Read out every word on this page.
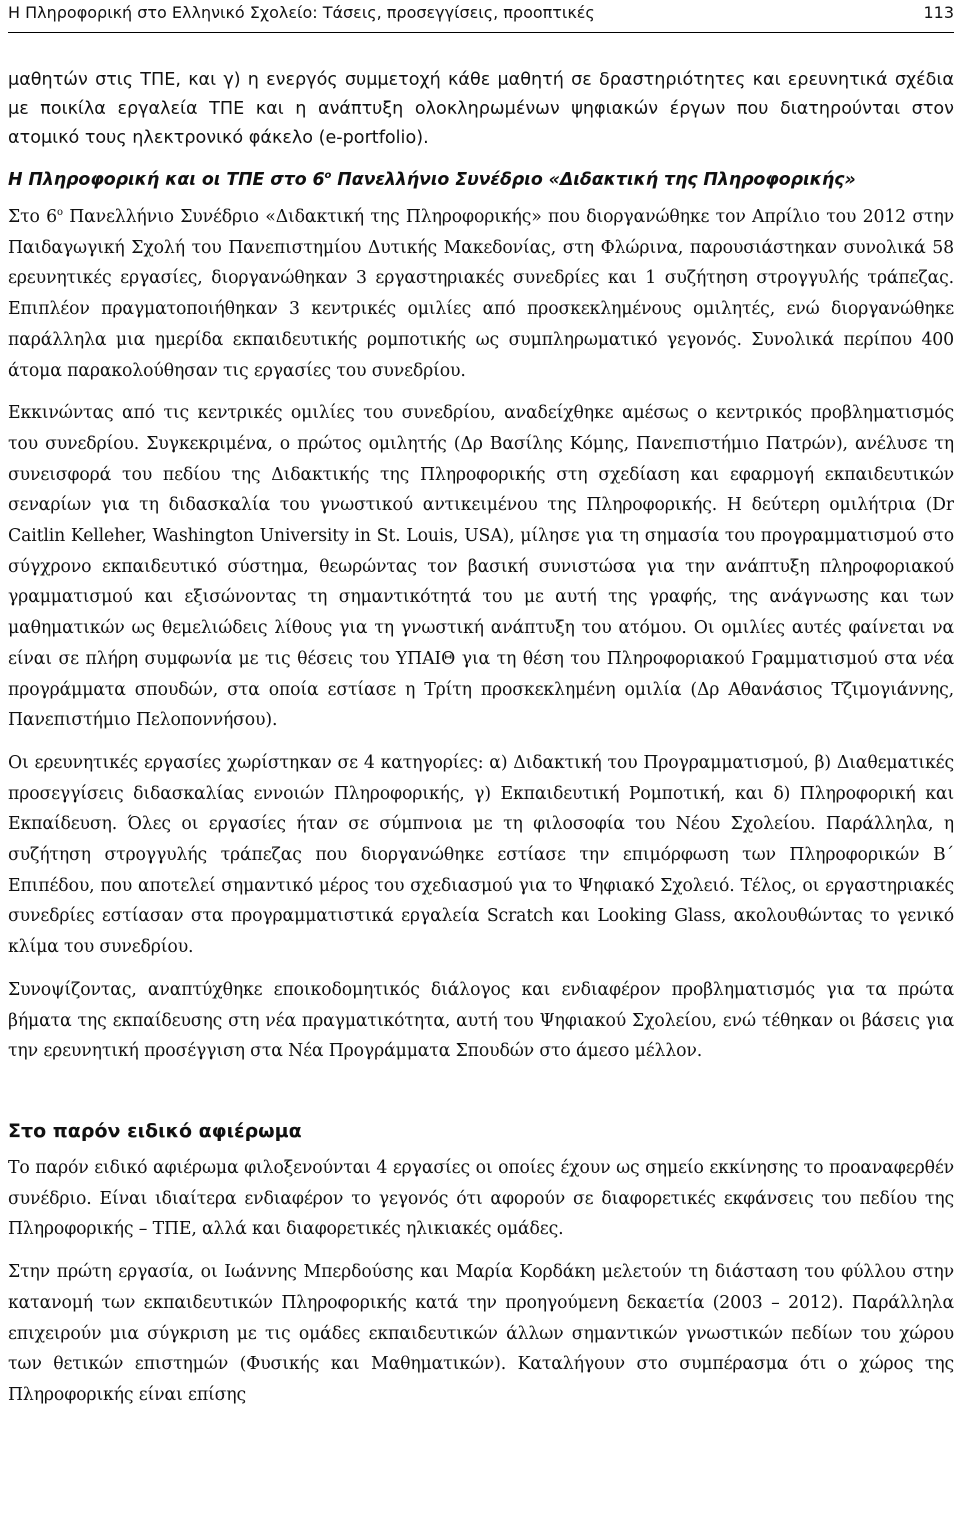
Η Πληροφορική στο Ελληνικό Σχολείο: Τάσεις, προσεγγίσεις, προοπτικές	113

μαθητών στις ΤΠΕ, και γ) η ενεργός συμμετοχή κάθε μαθητή σε δραστηριότητες και ερευνητικά σχέδια με ποικίλα εργαλεία ΤΠΕ και η ανάπτυξη ολοκληρωμένων ψηφιακών έργων που διατηρούνται στον ατομικό τους ηλεκτρονικό φάκελο (e-portfolio).

Η Πληροφορική και οι ΤΠΕ στο $6^o$ Πανελλήνιο Συνέδριο «Διδακτική της Πληροφορικής»

Στο $6^o$ Πανελλήνιο Συνέδριο «Διδακτική της Πληροφορικής» που διοργανώθηκε τον Απρίλιο του 2012 στην Παιδαγωγική Σχολή του Πανεπιστημίου Δυτικής Μακεδονίας, στη Φλώρινα, παρουσιάστηκαν συνολικά 58 ερευνητικές εργασίες, διοργανώθηκαν 3 εργαστηριακές συνεδρίες και 1 συζήτηση στρογγυλής τράπεζας. Επιπλέον πραγματοποιήθηκαν 3 κεντρικές ομιλίες από προσκεκλημένους ομιλητές, ενώ διοργανώθηκε παράλληλα μια ημερίδα εκπαιδευτικής ρομποτικής ως συμπληρωματικό γεγονός. Συνολικά περίπου 400 άτομα παρακολούθησαν τις εργασίες του συνεδρίου.

Εκκινώντας από τις κεντρικές ομιλίες του συνεδρίου, αναδείχθηκε αμέσως ο κεντρικός προβληματισμός του συνεδρίου. Συγκεκριμένα, ο πρώτος ομιλητής (Δρ Βασίλης Κόμης, Πανεπιστήμιο Πατρών), ανέλυσε τη συνεισφορά του πεδίου της Διδακτικής της Πληροφορικής στη σχεδίαση και εφαρμογή εκπαιδευτικών σεναρίων για τη διδασκαλία του γνωστικού αντικειμένου της Πληροφορικής. Η δεύτερη ομιλήτρια (Dr Caitlin Kelleher, Washington University in St. Louis, USA), μίλησε για τη σημασία του προγραμματισμού στο σύγχρονο εκπαιδευτικό σύστημα, θεωρώντας τον βασική συνιστώσα για την ανάπτυξη πληροφοριακού γραμματισμού και εξισώνοντας τη σημαντικότητά του με αυτή της γραφής, της ανάγνωσης και των μαθηματικών ως θεμελιώδεις λίθους για τη γνωστική ανάπτυξη του ατόμου. Οι ομιλίες αυτές φαίνεται να είναι σε πλήρη συμφωνία με τις θέσεις του ΥΠΑΙΘ για τη θέση του Πληροφοριακού Γραμματισμού στα νέα προγράμματα σπουδών, στα οποία εστίασε η Τρίτη προσκεκλημένη ομιλία (Δρ Αθανάσιος Τζιμογιάννης, Πανεπιστήμιο Πελοποννήσου).

Οι ερευνητικές εργασίες χωρίστηκαν σε 4 κατηγορίες: α) Διδακτική του Προγραμματισμού, β) Διαθεματικές προσεγγίσεις διδασκαλίας εννοιών Πληροφορικής, γ) Εκπαιδευτική Ρομποτική, και δ) Πληροφορική και Εκπαίδευση. Όλες οι εργασίες ήταν σε σύμπνοια με τη φιλοσοφία του Νέου Σχολείου. Παράλληλα, η συζήτηση στρογγυλής τράπεζας που διοργανώθηκε εστίασε την επιμόρφωση των Πληροφορικών Β΄ Επιπέδου, που αποτελεί σημαντικό μέρος του σχεδιασμού για το Ψηφιακό Σχολειό. Τέλος, οι εργαστηριακές συνεδρίες εστίασαν στα προγραμματιστικά εργαλεία Scratch και Looking Glass, ακολουθώντας το γενικό κλίμα του συνεδρίου.

Συνοψίζοντας, αναπτύχθηκε εποικοδομητικός διάλογος και ενδιαφέρον προβληματισμός για τα πρώτα βήματα της εκπαίδευσης στη νέα πραγματικότητα, αυτή του Ψηφιακού Σχολείου, ενώ τέθηκαν οι βάσεις για την ερευνητική προσέγγιση στα Νέα Προγράμματα Σπουδών στο άμεσο μέλλον.

Στο παρόν ειδικό αφιέρωμα

Το παρόν ειδικό αφιέρωμα φιλοξενούνται 4 εργασίες οι οποίες έχουν ως σημείο εκκίνησης το προαναφερθέν συνέδριο. Είναι ιδιαίτερα ενδιαφέρον το γεγονός ότι αφορούν σε διαφορετικές εκφάνσεις του πεδίου της Πληροφορικής – ΤΠΕ, αλλά και διαφορετικές ηλικιακές ομάδες.

Στην πρώτη εργασία, οι Ιωάννης Μπερδούσης και Μαρία Κορδάκη μελετούν τη διάσταση του φύλλου στην κατανομή των εκπαιδευτικών Πληροφορικής κατά την προηγούμενη δεκαετία (2003 – 2012). Παράλληλα επιχειρούν μια σύγκριση με τις ομάδες εκπαιδευτικών άλλων σημαντικών γνωστικών πεδίων του χώρου των θετικών επιστημών (Φυσικής και Μαθηματικών). Καταλήγουν στο συμπέρασμα ότι ο χώρος της Πληροφορικής είναι επίσης
